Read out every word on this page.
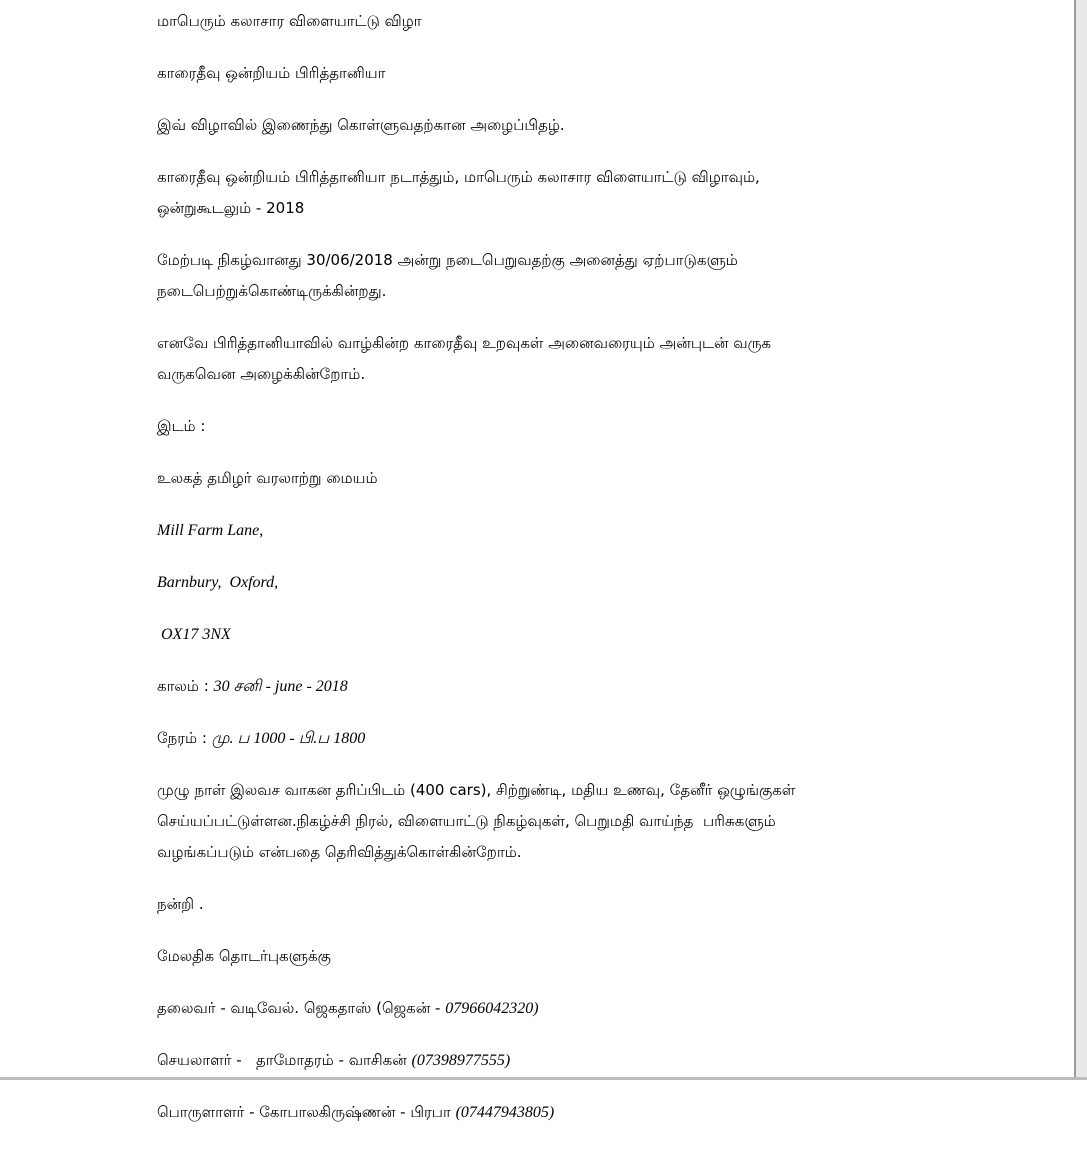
மாபெரும் கலாசார விளையாட்டு விழா

காரைதீவு ஒன்றியம் பிரித்தானியா

இவ் விழாவில் இணைந்து கொள்ளுவதற்கான அழைப்பிதழ்.

காரைதீவு ஒன்றியம் பிரித்தானியா நடாத்தும், மாபெரும் கலாசார விளையாட்டு விழாவும்,
ஒன்றுகூடலும் - 2018

மேற்படி நிகழ்வானது 30/06/2018 அன்று நடைபெறுவதற்கு அனைத்து ஏற்பாடுகளும்
நடைபெற்றுக்கொண்டிருக்கின்றது.

எனவே பிரித்தானியாவில் வாழ்கின்ற காரைதீவு உறவுகள் அனைவரையும் அன்புடன் வருக
வருகவென அழைக்கின்றோம்.

இடம் :

உலகத் தமிழர் வரலாற்று மையம்

Mill Farm Lane,

Barnbury,  Oxford,

OX17 3NX

காலம் : 30 சனி - june - 2018

நேரம் : மு. ப 1000 - பி.ப 1800

முழு நாள் இலவச வாகன தரிப்பிடம் (400 cars), சிற்றுண்டி, மதிய உணவு, தேனீர் ஒழுங்குகள்
செய்யப்பட்டுள்ளன.நிகழ்ச்சி நிரல், விளையாட்டு நிகழ்வுகள், பெறுமதி வாய்ந்த  பரிசுகளும்
வழங்கப்படும் என்பதை தெரிவித்துக்கொள்கின்றோம்.

நன்றி .

மேலதிக தொடர்புகளுக்கு

தலைவர் - வடிவேல். ஜெகதாஸ் (ஜெகன் - 07966042320)

செயலாளர் -   தாமோதரம் - வாசிகன் (07398977555)

பொருளாளர் - கோபாலகிருஷ்ணன் - பிரபா (07447943805)
